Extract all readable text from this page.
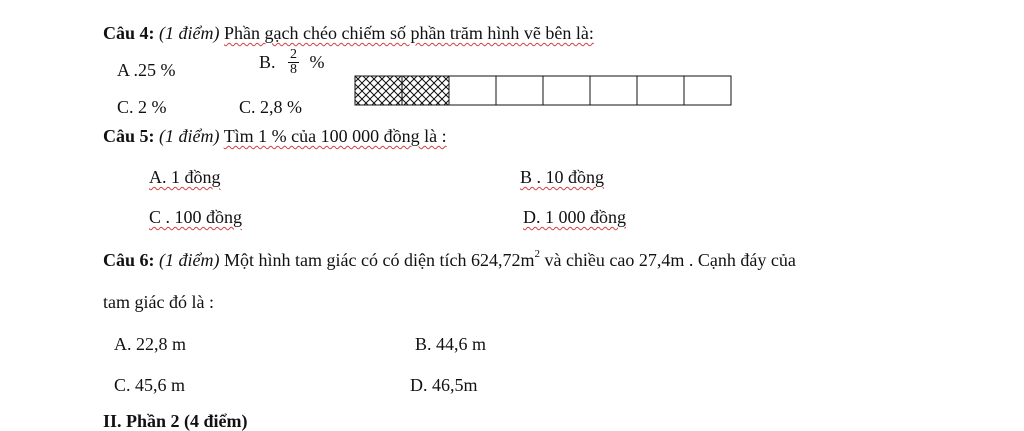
Câu 4: (1 điểm) Phần gạch chéo chiếm số phần trăm hình vẽ bên là:
A .25 %	B. $\frac{2}{8}$ %
C. 2 %	C. 2,8 %
Câu 5: (1 điểm) Tìm 1 % của 100 000 đồng là :
A. 1 đồng	B . 10 đồng
C . 100 đồng	D. 1 000 đồng
Câu 6: (1 điểm) Một hình tam giác có có diện tích $624,72m^2$ và chiều cao 27,4m . Cạnh đáy của
tam giác đó là :
A. 22,8 m	B. 44,6 m
C. 45,6 m	D. 46,5m
II. Phần 2 (4 điểm)
